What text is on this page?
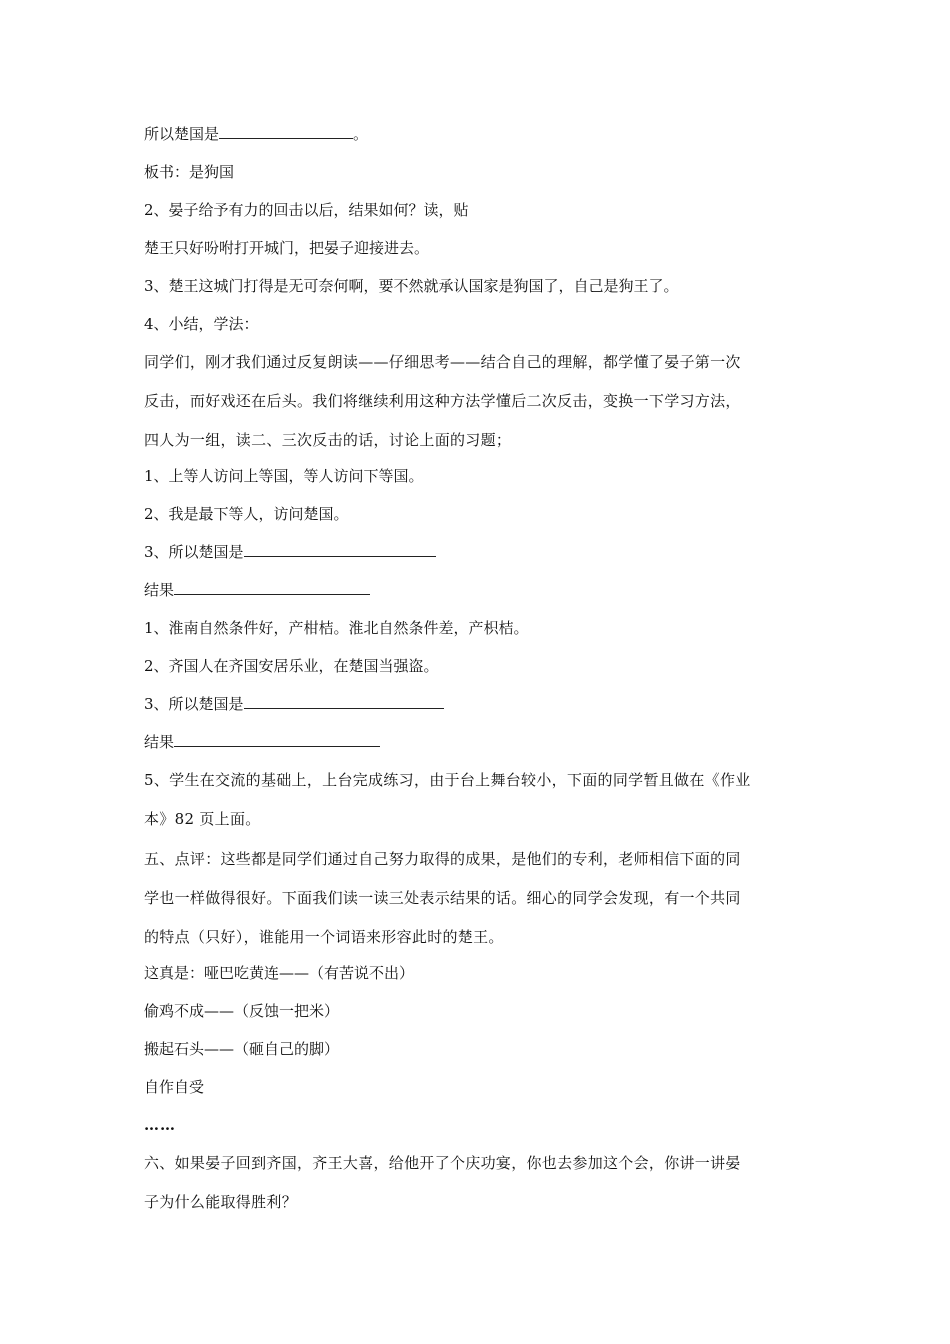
所以楚国是	。
板书：是狗国
2、晏子给予有力的回击以后，结果如何？读，贴
楚王只好吩咐打开城门，把晏子迎接进去。
3、楚王这城门打得是无可奈何啊，要不然就承认国家是狗国了，自己是狗王了。
4、小结，学法：
同学们，刚才我们通过反复朗读——仔细思考——结合自己的理解，都学懂了晏子第一次
反击，而好戏还在后头。我们将继续利用这种方法学懂后二次反击，变换一下学习方法，
四人为一组，读二、三次反击的话，讨论上面的习题；
1、上等人访问上等国，等人访问下等国。
2、我是最下等人，访问楚国。
3、所以楚国是
结果
1、淮南自然条件好，产柑桔。淮北自然条件差，产枳桔。
2、齐国人在齐国安居乐业，在楚国当强盗。
3、所以楚国是
结果
5、学生在交流的基础上，上台完成练习，由于台上舞台较小，下面的同学暂且做在《作业
本》82 页上面。
五、点评：这些都是同学们通过自己努力取得的成果，是他们的专利，老师相信下面的同
学也一样做得很好。下面我们读一读三处表示结果的话。细心的同学会发现，有一个共同
的特点（只好），谁能用一个词语来形容此时的楚王。
这真是：哑巴吃黄连——（有苦说不出）
偷鸡不成——（反蚀一把米）
搬起石头——（砸自己的脚）
自作自受
……
六、如果晏子回到齐国，齐王大喜，给他开了个庆功宴，你也去参加这个会，你讲一讲晏
子为什么能取得胜利？
